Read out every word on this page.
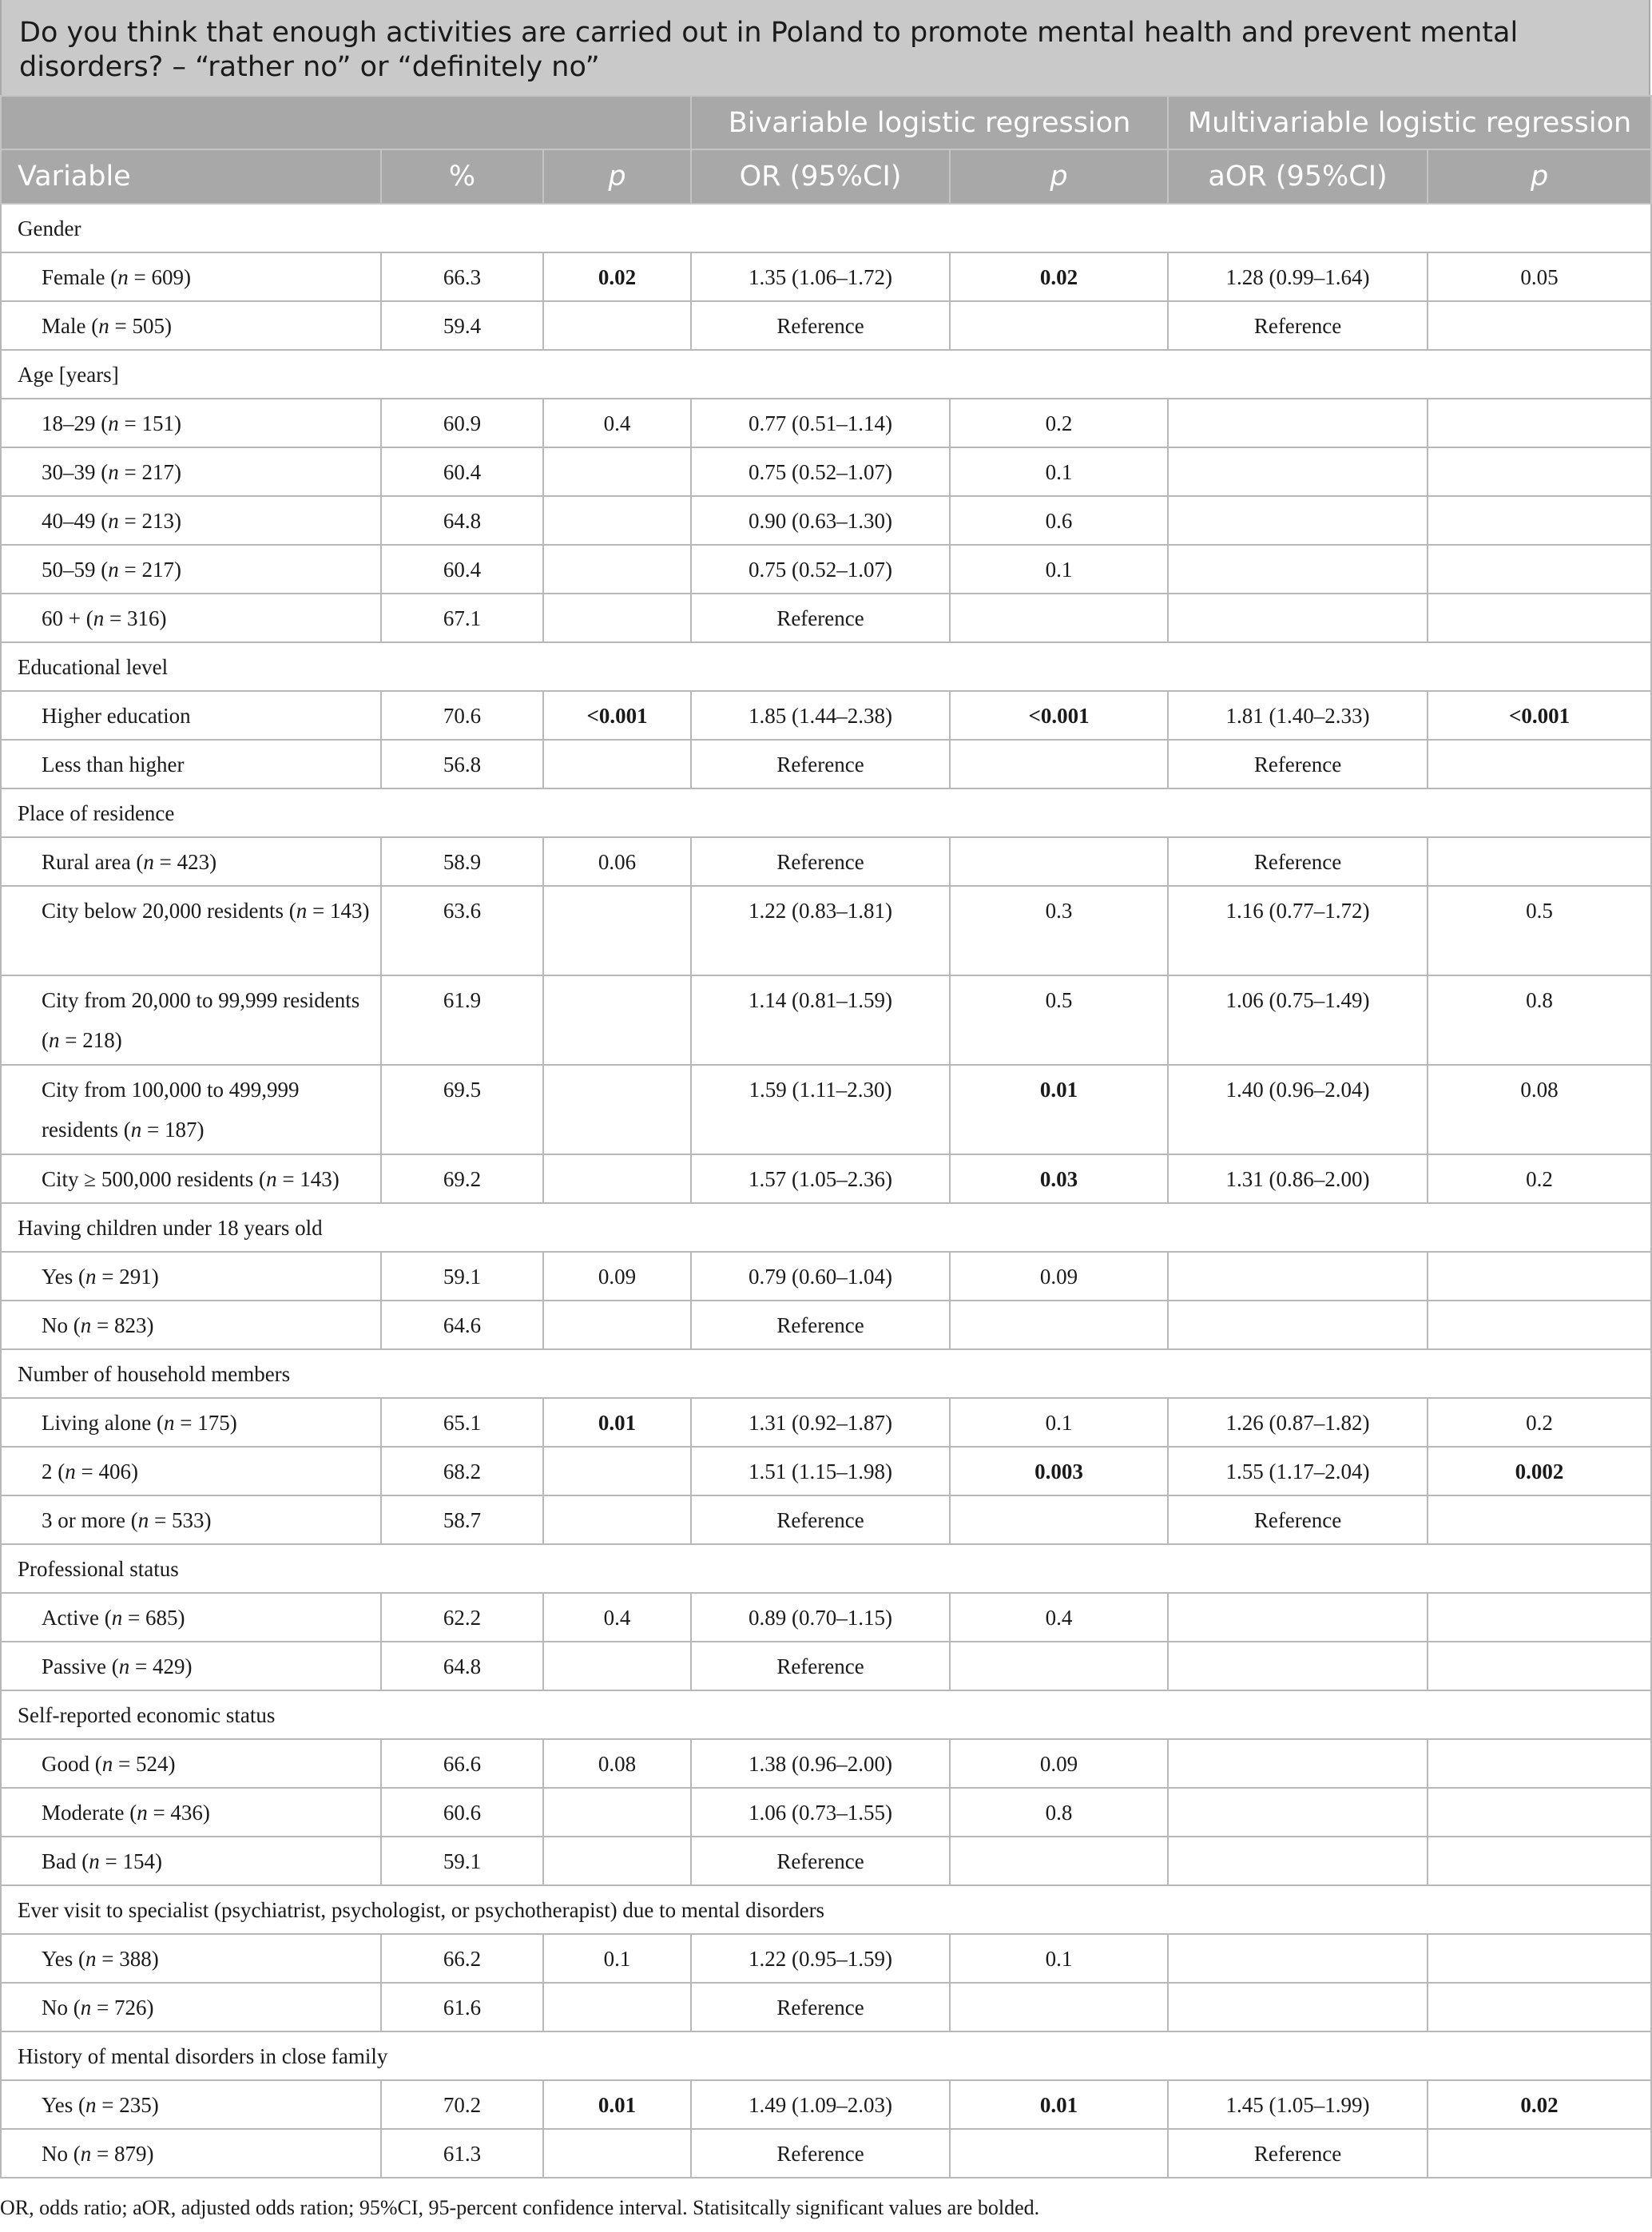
Do you think that enough activities are carried out in Poland to promote mental health and prevent mental disorders? – “rather no” or “definitely no”
			Bivariable logistic regression		Multivariable logistic regression	
Variable	%	p	OR (95%CI)	p	aOR (95%CI)	p
Gender						
Female (n = 609)	66.3	0.02	1.35 (1.06–1.72)	0.02	1.28 (0.99–1.64)	0.05
Male (n = 505)	59.4		Reference		Reference	
Age [years]						
18–29 (n = 151)	60.9	0.4	0.77 (0.51–1.14)	0.2		
30–39 (n = 217)	60.4		0.75 (0.52–1.07)	0.1		
40–49 (n = 213)	64.8		0.90 (0.63–1.30)	0.6		
50–59 (n = 217)	60.4		0.75 (0.52–1.07)	0.1		
60 + (n = 316)	67.1		Reference			
Educational level						
Higher education	70.6	<0.001	1.85 (1.44–2.38)	<0.001	1.81 (1.40–2.33)	<0.001
Less than higher	56.8		Reference		Reference	
Place of residence						
Rural area (n = 423)	58.9	0.06	Reference		Reference	
City below 20,000 residents (n = 143)	63.6		1.22 (0.83–1.81)	0.3	1.16 (0.77–1.72)	0.5
City from 20,000 to 99,999 residents (n = 218)	61.9		1.14 (0.81–1.59)	0.5	1.06 (0.75–1.49)	0.8
City from 100,000 to 499,999 residents (n = 187)	69.5		1.59 (1.11–2.30)	0.01	1.40 (0.96–2.04)	0.08
City ≥ 500,000 residents (n = 143)	69.2		1.57 (1.05–2.36)	0.03	1.31 (0.86–2.00)	0.2
Having children under 18 years old						
Yes (n = 291)	59.1	0.09	0.79 (0.60–1.04)	0.09		
No (n = 823)	64.6		Reference			
Number of household members						
Living alone (n = 175)	65.1	0.01	1.31 (0.92–1.87)	0.1	1.26 (0.87–1.82)	0.2
2 (n = 406)	68.2		1.51 (1.15–1.98)	0.003	1.55 (1.17–2.04)	0.002
3 or more (n = 533)	58.7		Reference		Reference	
Professional status						
Active (n = 685)	62.2	0.4	0.89 (0.70–1.15)	0.4		
Passive (n = 429)	64.8		Reference			
Self-reported economic status						
Good (n = 524)	66.6	0.08	1.38 (0.96–2.00)	0.09		
Moderate (n = 436)	60.6		1.06 (0.73–1.55)	0.8		
Bad (n = 154)	59.1		Reference			
Ever visit to specialist (psychiatrist, psychologist, or psychotherapist) due to mental disorders						
Yes (n = 388)	66.2	0.1	1.22 (0.95–1.59)	0.1		
No (n = 726)	61.6		Reference			
History of mental disorders in close family						
Yes (n = 235)	70.2	0.01	1.49 (1.09–2.03)	0.01	1.45 (1.05–1.99)	0.02
No (n = 879)	61.3		Reference		Reference	
OR, odds ratio; aOR, adjusted odds ration; 95%CI, 95-percent confidence interval. Statisitcally significant values are bolded.
